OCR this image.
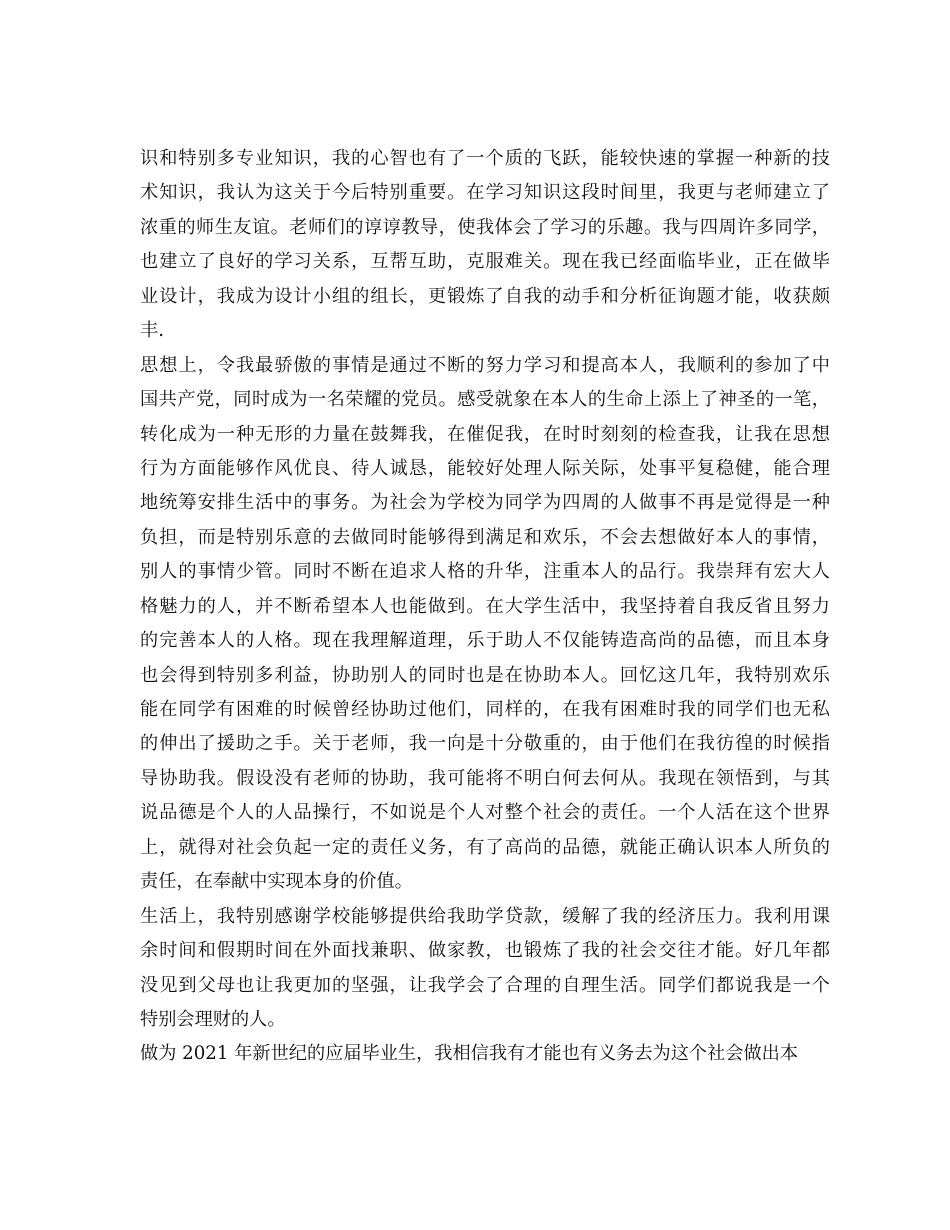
识和特别多专业知识，我的心智也有了一个质的飞跃，能较快速的掌握一种新的技
术知识，我认为这关于今后特别重要。在学习知识这段时间里，我更与老师建立了
浓重的师生友谊。老师们的谆谆教导，使我体会了学习的乐趣。我与四周许多同学，
也建立了良好的学习关系，互帮互助，克服难关。现在我已经面临毕业，正在做毕
业设计，我成为设计小组的组长，更锻炼了自我的动手和分析征询题才能，收获颇
丰.
思想上，令我最骄傲的事情是通过不断的努力学习和提高本人，我顺利的参加了中
国共产党，同时成为一名荣耀的党员。感受就象在本人的生命上添上了神圣的一笔，
转化成为一种无形的力量在鼓舞我，在催促我，在时时刻刻的检查我，让我在思想
行为方面能够作风优良、待人诚恳，能较好处理人际关际，处事平复稳健，能合理
地统筹安排生活中的事务。为社会为学校为同学为四周的人做事不再是觉得是一种
负担，而是特别乐意的去做同时能够得到满足和欢乐，不会去想做好本人的事情，
别人的事情少管。同时不断在追求人格的升华，注重本人的品行。我崇拜有宏大人
格魅力的人，并不断希望本人也能做到。在大学生活中，我坚持着自我反省且努力
的完善本人的人格。现在我理解道理，乐于助人不仅能铸造高尚的品德，而且本身
也会得到特别多利益，协助别人的同时也是在协助本人。回忆这几年，我特别欢乐
能在同学有困难的时候曾经协助过他们，同样的，在我有困难时我的同学们也无私
的伸出了援助之手。关于老师，我一向是十分敬重的，由于他们在我彷徨的时候指
导协助我。假设没有老师的协助，我可能将不明白何去何从。我现在领悟到，与其
说品德是个人的人品操行，不如说是个人对整个社会的责任。一个人活在这个世界
上，就得对社会负起一定的责任义务，有了高尚的品德，就能正确认识本人所负的
责任，在奉献中实现本身的价值。
生活上，我特别感谢学校能够提供给我助学贷款，缓解了我的经济压力。我利用课
余时间和假期时间在外面找兼职、做家教，也锻炼了我的社会交往才能。好几年都
没见到父母也让我更加的坚强，让我学会了合理的自理生活。同学们都说我是一个
特别会理财的人。
做为 2021 年新世纪的应届毕业生，我相信我有才能也有义务去为这个社会做出本
